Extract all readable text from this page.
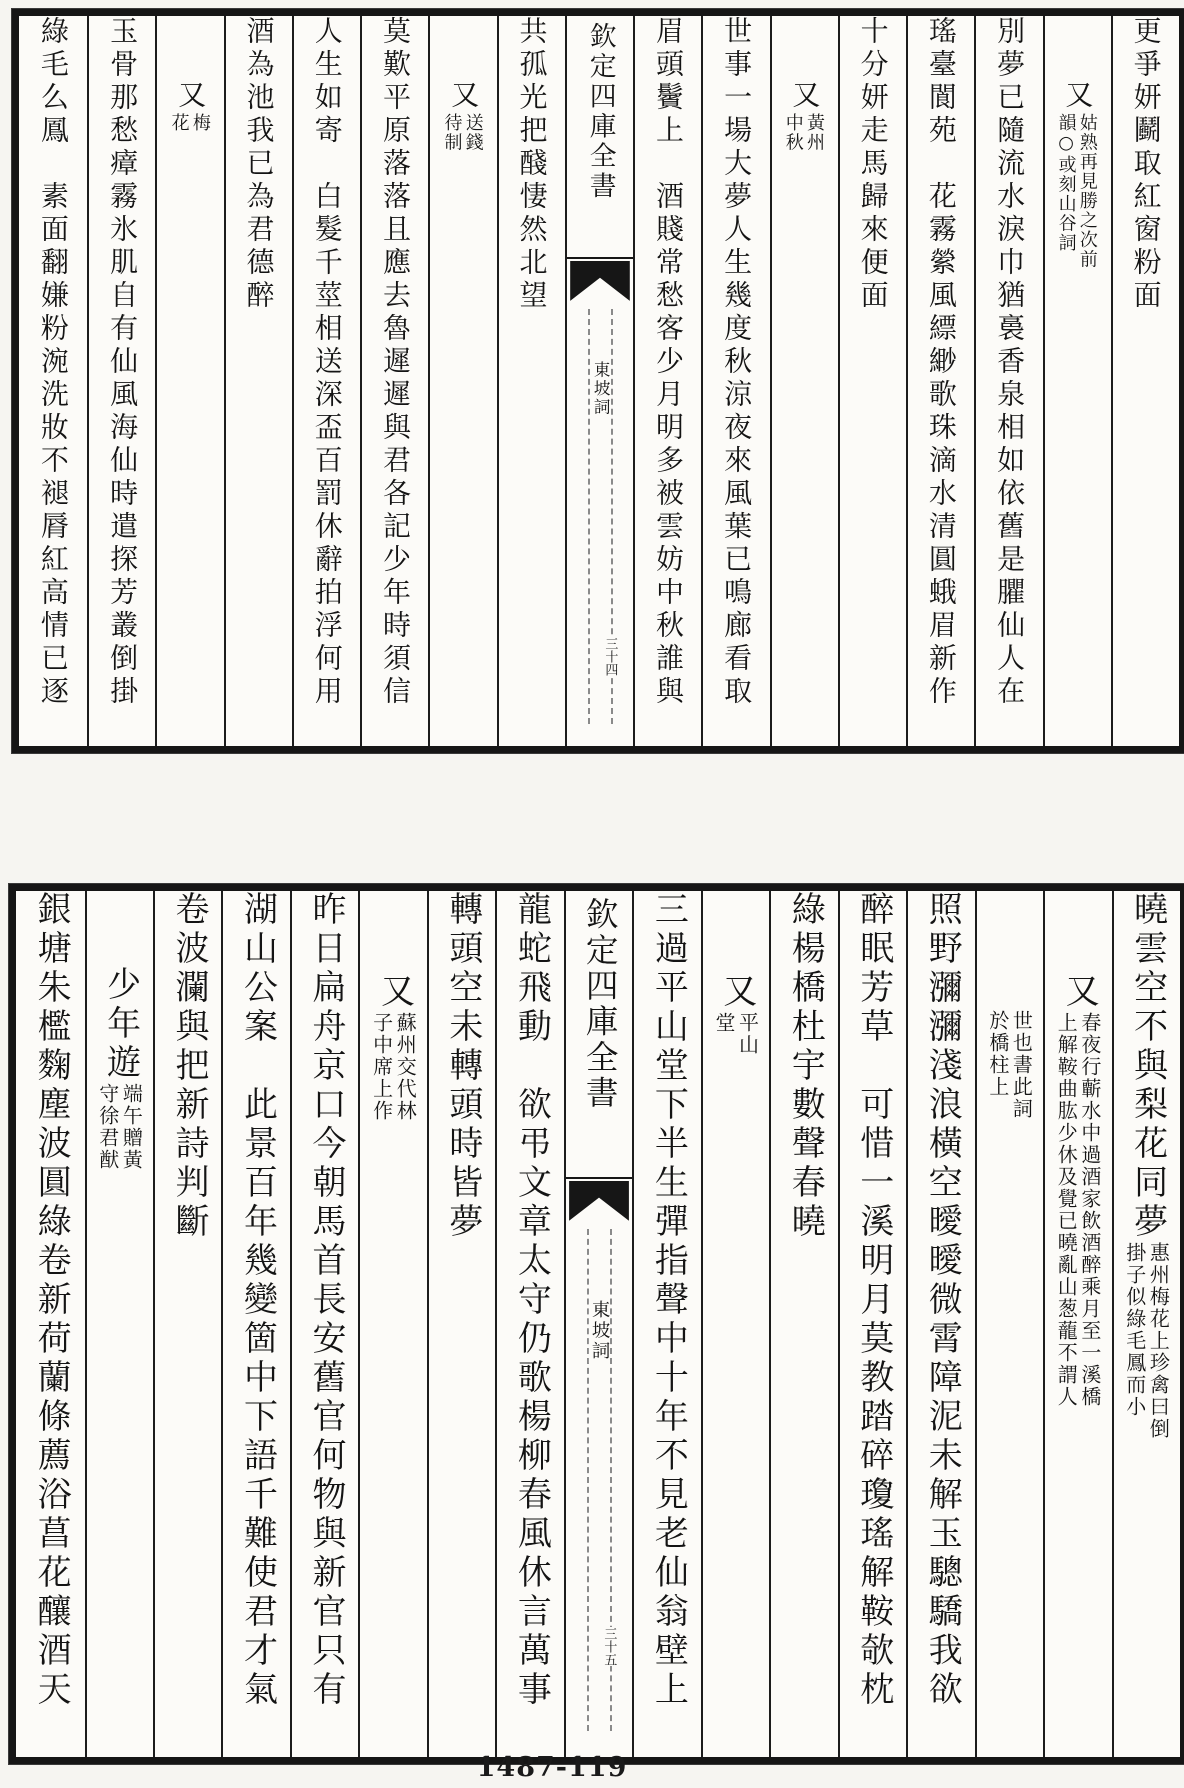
更爭妍鬬取紅窗粉面
又
姑熟再見勝之次前
韻○或刻山谷詞
別夢已隨流水淚巾猶裛香泉相如依舊是臞仙人在
瑤臺閬苑　花霧縈風縹緲歌珠滴水清圓蛾眉新作
十分妍走馬歸來便面
又
黃州
中秋
世事一場大夢人生幾度秋涼夜來風葉已鳴廊看取
眉頭鬢上　酒賤常愁客少月明多被雲妨中秋誰與
欽定四庫全書
東坡詞
三十四
共孤光把醆悽然北望
又
送錢
待制
莫歎平原落落且應去魯遲遲與君各記少年時須信
人生如寄　白髮千莖相送深盃百罰休辭拍浮何用
酒為池我已為君德醉
又
梅
花
玉骨那愁瘴霧氷肌自有仙風海仙時遣探芳叢倒掛
綠毛么鳳　素面翻嫌粉涴洗妝不褪脣紅高情已逐
曉雲空不與梨花同夢
惠州梅花上珍禽曰倒
掛子似綠毛鳳而小
又
春夜行蘄水中過酒家飲酒醉乘月至一溪橋
上解鞍曲肱少休及覺已曉亂山葱蘢不謂人
世也書此詞
於橋柱上
照野瀰瀰淺浪橫空曖曖微霄障泥未解玉驄驕我欲
醉眠芳草　可惜一溪明月莫教踏碎瓊瑤解鞍欹枕
綠楊橋杜宇數聲春曉
又
平山
堂
三過平山堂下半生彈指聲中十年不見老仙翁壁上
欽定四庫全書
東坡詞
三十五
龍蛇飛動　欲弔文章太守仍歌楊柳春風休言萬事
轉頭空未轉頭時皆夢
又
蘇州交代林
子中席上作
昨日扁舟京口今朝馬首長安舊官何物與新官只有
湖山公案　此景百年幾變箇中下語千難使君才氣
卷波瀾與把新詩判斷
少年遊
端午贈黃
守徐君猷
銀塘朱檻麴塵波圓綠卷新荷蘭條薦浴菖花釀酒天
1487-119
